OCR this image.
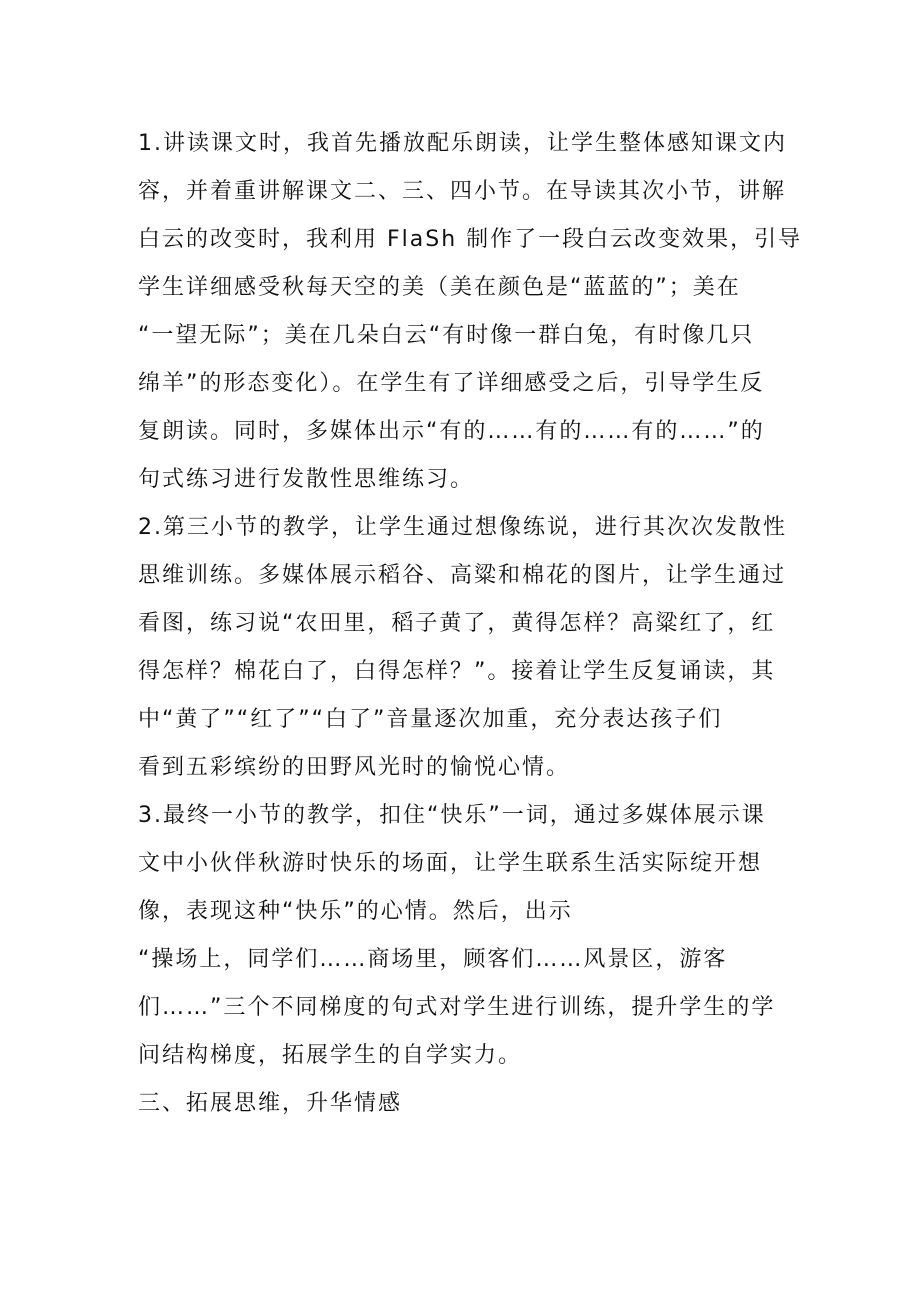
1.讲读课文时，我首先播放配乐朗读，让学生整体感知课文内
容，并着重讲解课文二、三、四小节。在导读其次小节，讲解
白云的改变时，我利用 FlaSh 制作了一段白云改变效果，引导
学生详细感受秋每天空的美（美在颜色是“蓝蓝的”；美在
“一望无际”；美在几朵白云“有时像一群白兔，有时像几只
绵羊”的形态变化）。在学生有了详细感受之后，引导学生反
复朗读。同时，多媒体出示“有的……有的……有的……”的
句式练习进行发散性思维练习。
2.第三小节的教学，让学生通过想像练说，进行其次次发散性
思维训练。多媒体展示稻谷、高粱和棉花的图片，让学生通过
看图，练习说“农田里，稻子黄了，黄得怎样？高粱红了，红
得怎样？棉花白了，白得怎样？”。接着让学生反复诵读，其
中“黄了”“红了”“白了”音量逐次加重，充分表达孩子们
看到五彩缤纷的田野风光时的愉悦心情。
3.最终一小节的教学，扣住“快乐”一词，通过多媒体展示课
文中小伙伴秋游时快乐的场面，让学生联系生活实际绽开想
像，表现这种“快乐”的心情。然后，出示
“操场上，同学们……商场里，顾客们……风景区，游客
们……”三个不同梯度的句式对学生进行训练，提升学生的学
问结构梯度，拓展学生的自学实力。
三、拓展思维，升华情感
